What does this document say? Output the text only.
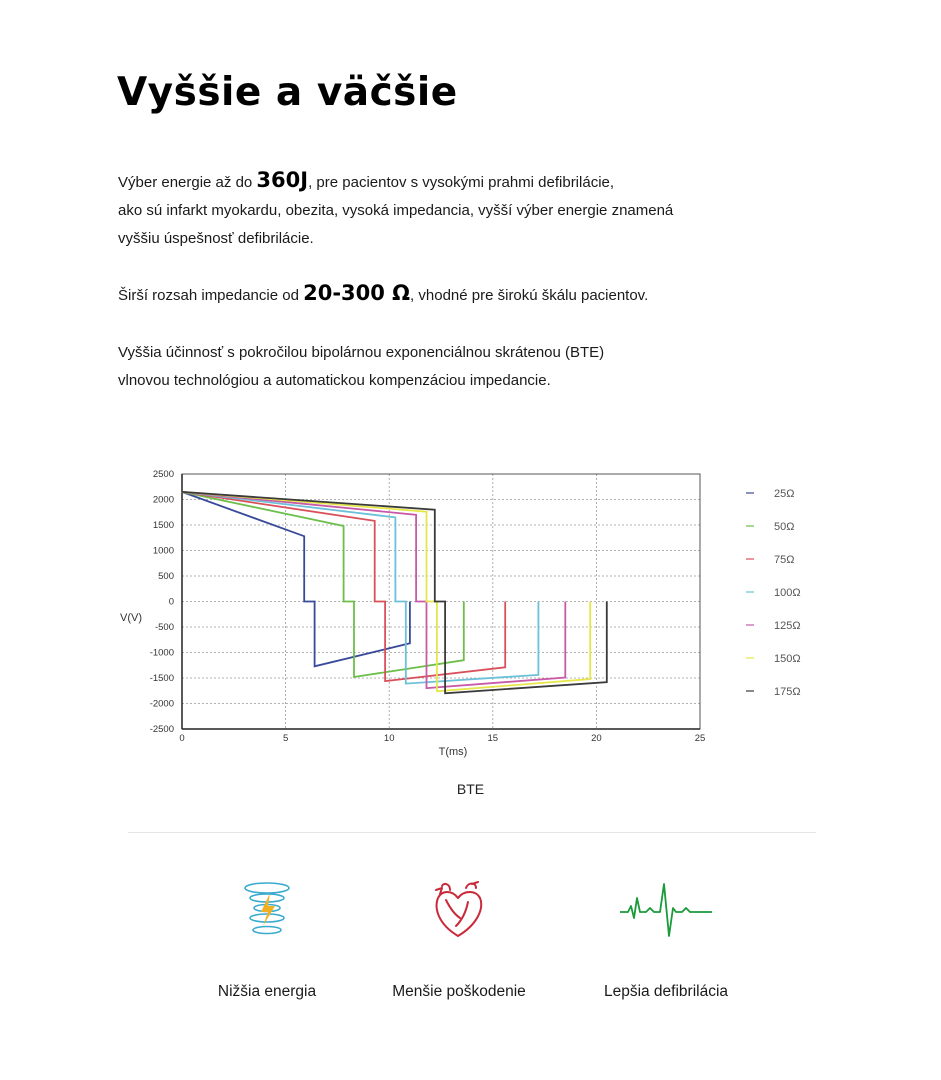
Vyššie a väčšie

Výber energie až do 360J, pre pacientov s vysokými prahmi defibrilácie,
ako sú infarkt myokardu, obezita, vysoká impedancia, vyšší výber energie znamená
vyššiu úspešnosť defibrilácie.

Širší rozsah impedancie od 20-300 Ω, vhodné pre širokú škálu pacientov.

Vyššia účinnosť s pokročilou bipolárnou exponenciálnou skrátenou (BTE)
vlnovou technológiou a automatickou kompenzáciou impedancie.

2500
2000
1500
1000
500
0
-500
-1000
-1500
-2000
-2500
0	5	10	15	20	25
T(ms)
V(V)
25Ω
50Ω
75Ω
100Ω
125Ω
150Ω
175Ω
BTE
Nižšia energia	Menšie poškodenie	Lepšia defibrilácia
